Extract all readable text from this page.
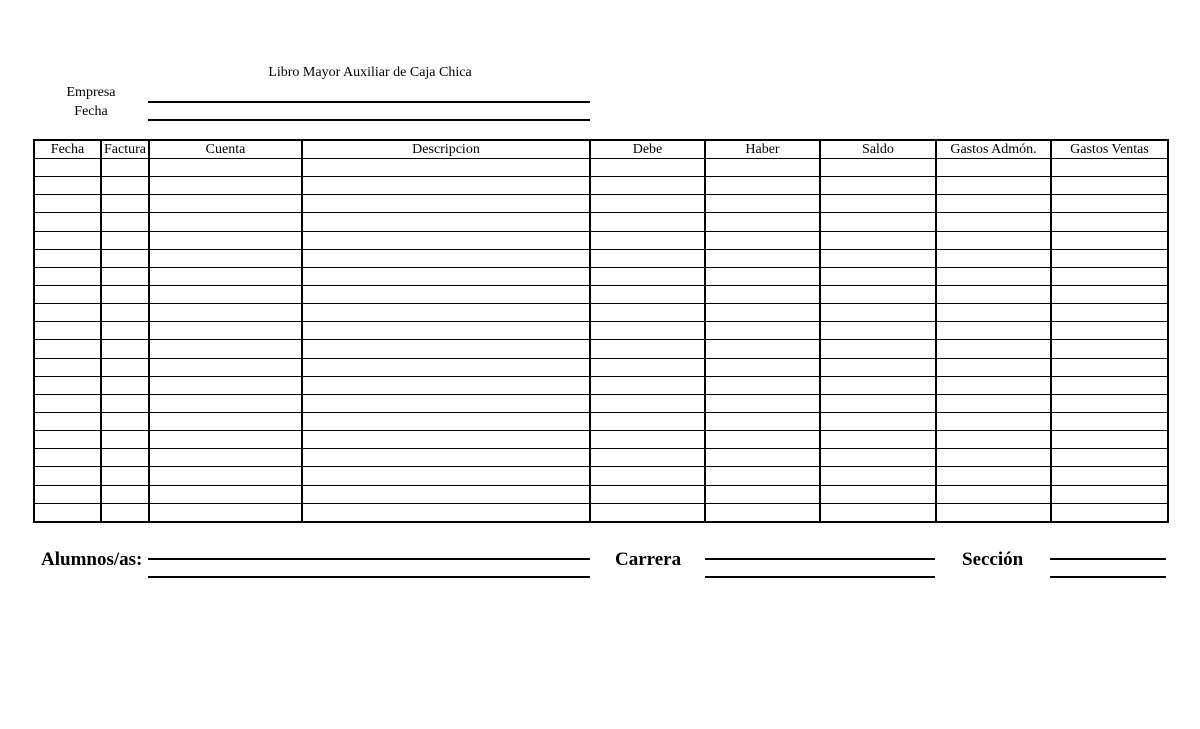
Libro Mayor Auxiliar de Caja Chica
Empresa
Fecha
Fecha	Factura	Cuenta	Descripcion	Debe	Haber	Saldo	Gastos Admón.	Gastos Ventas

Alumnos/as:	Carrera	Sección
